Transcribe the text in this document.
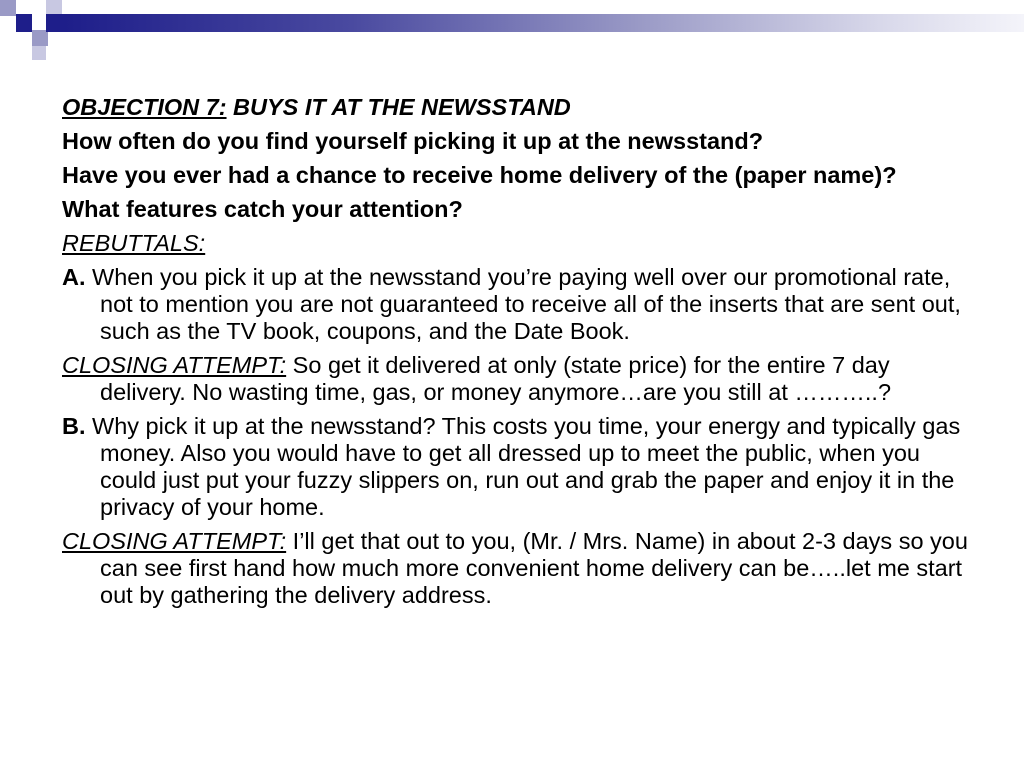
OBJECTION 7: BUYS IT AT THE NEWSSTAND

How often do you find yourself picking it up at the newsstand?

Have you ever had a chance to receive home delivery of the (paper name)?

What features catch your attention?

REBUTTALS:

A. When you pick it up at the newsstand you’re paying well over our promotional rate, not to mention you are not guaranteed to receive all of the inserts that are sent out, such as the TV book, coupons, and the Date Book.

CLOSING ATTEMPT: So get it delivered at only (state price) for the entire 7 day delivery. No wasting time, gas, or money anymore…are you still at ………..?

B. Why pick it up at the newsstand? This costs you time, your energy and typically gas money. Also you would have to get all dressed up to meet the public, when you could just put your fuzzy slippers on, run out and grab the paper and enjoy it in the privacy of your home.

CLOSING ATTEMPT: I’ll get that out to you, (Mr. / Mrs. Name) in about 2-3 days so you can see first hand how much more convenient home delivery can be…..let me start out by gathering the delivery address.
